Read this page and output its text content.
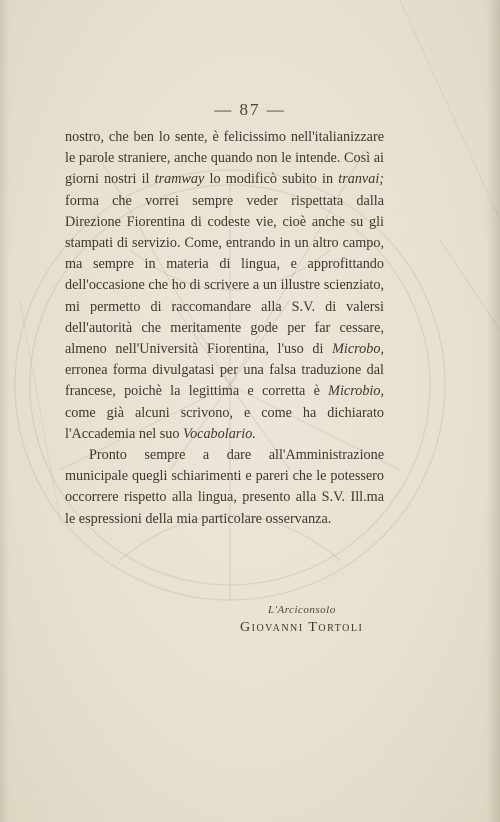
— 87 —

nostro, che ben lo sente, è felicissimo nell'italianizzare le parole straniere, anche quando non le intende. Così ai giorni nostri il tramway lo modificò subito in tranvai; forma che vorrei sempre veder rispettata dalla Direzione Fiorentina di codeste vie, cioè anche su gli stampati di servizio. Come, entrando in un altro campo, ma sempre in materia di lingua, e approfittando dell'occasione che ho di scrivere a un illustre scienziato, mi permetto di raccomandare alla S.V. di valersi dell'autorità che meritamente gode per far cessare, almeno nell'Università Fiorentina, l'uso di Microbo, erronea forma divulgatasi per una falsa traduzione dal francese, poichè la legittima e corretta è Microbio, come già alcuni scrivono, e come ha dichiarato l'Accademia nel suo Vocabolario.

Pronto sempre a dare all'Amministrazione municipale quegli schiarimenti e pareri che le potessero occorrere rispetto alla lingua, presento alla S.V. Ill.ma le espressioni della mia particolare osservanza.

L'Arciconsolo
Giovanni Tortoli
